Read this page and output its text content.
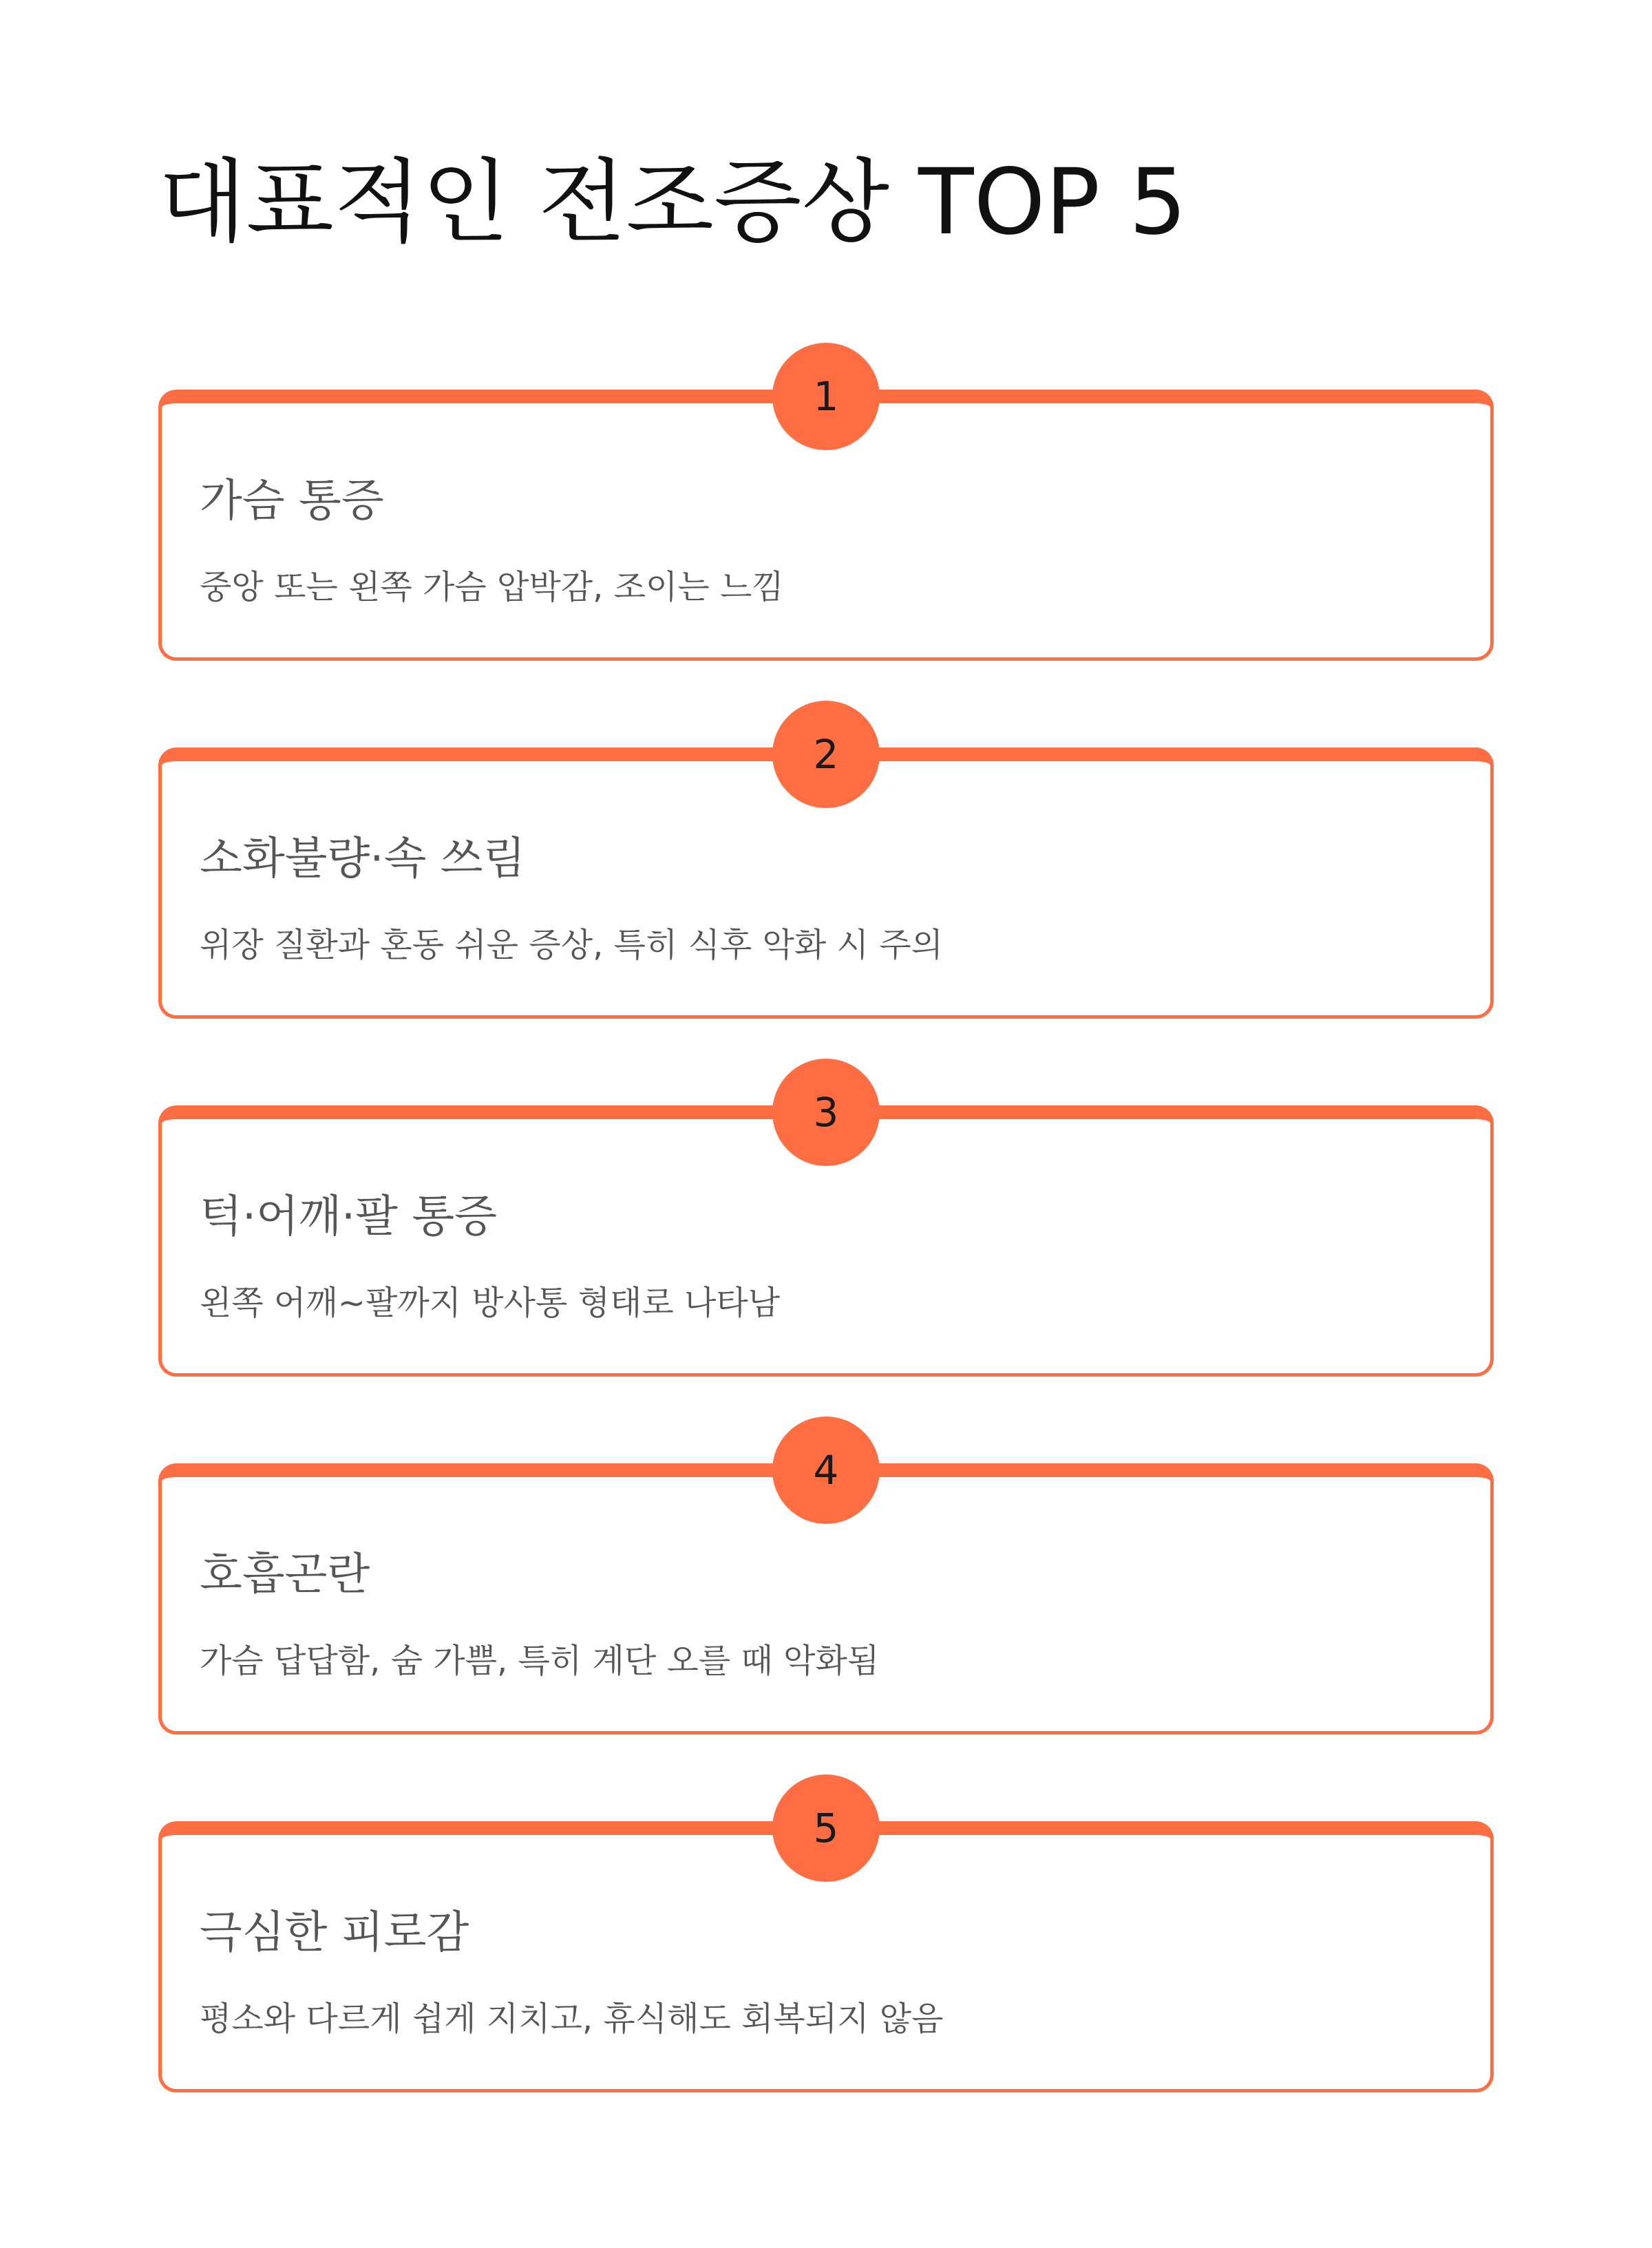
대표적인 전조증상 TOP 5
1
가슴 통증

중앙 또는 왼쪽 가슴 압박감, 조이는 느낌

2
소화불량·속 쓰림

위장 질환과 혼동 쉬운 증상, 특히 식후 악화 시 주의

3
턱·어깨·팔 통증

왼쪽 어깨~팔까지 방사통 형태로 나타남

4
호흡곤란

가슴 답답함, 숨 가쁨, 특히 계단 오를 때 악화됨

5
극심한 피로감

평소와 다르게 쉽게 지치고, 휴식해도 회복되지 않음
